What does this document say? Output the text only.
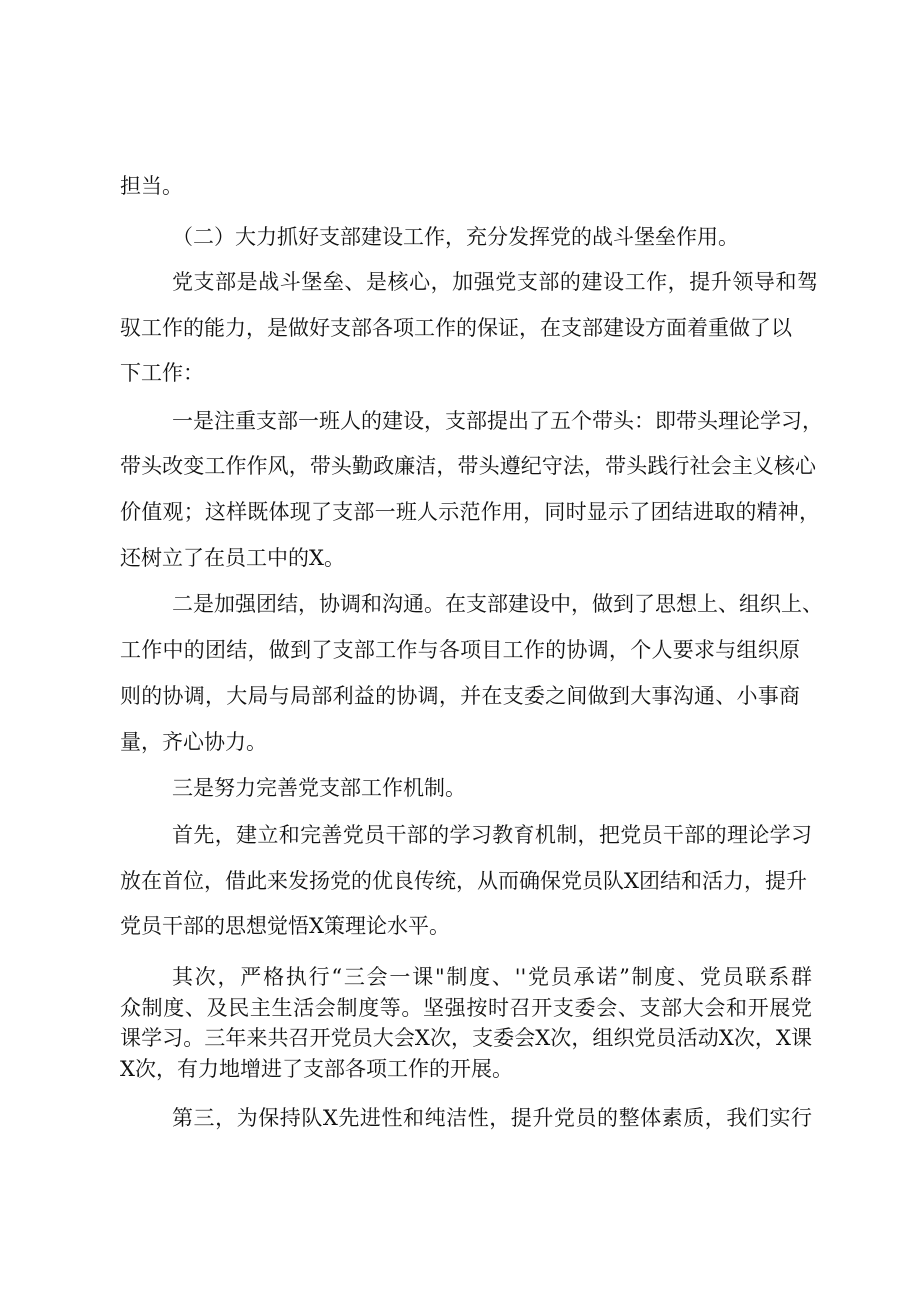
担当。
（二）大力抓好支部建设工作，充分发挥党的战斗堡垒作用。
党支部是战斗堡垒、是核心，加强党支部的建设工作，提升领导和驾
驭工作的能力，是做好支部各项工作的保证，在支部建设方面着重做了以
下工作：
一是注重支部一班人的建设，支部提出了五个带头：即带头理论学习，
带头改变工作作风，带头勤政廉洁，带头遵纪守法，带头践行社会主义核心
价值观；这样既体现了支部一班人示范作用，同时显示了团结进取的精神，
还树立了在员工中的X。
二是加强团结，协调和沟通。在支部建设中，做到了思想上、组织上、
工作中的团结，做到了支部工作与各项目工作的协调，个人要求与组织原
则的协调，大局与局部利益的协调，并在支委之间做到大事沟通、小事商
量，齐心协力。
三是努力完善党支部工作机制。
首先，建立和完善党员干部的学习教育机制，把党员干部的理论学习
放在首位，借此来发扬党的优良传统，从而确保党员队X团结和活力，提升
党员干部的思想觉悟X策理论水平。
其次，严格执行“三会一课"制度、''党员承诺”制度、党员联系群
众制度、及民主生活会制度等。坚强按时召开支委会、支部大会和开展党
课学习。三年来共召开党员大会X次，支委会X次，组织党员活动X次，X课
X次，有力地增进了支部各项工作的开展。
第三，为保持队X先进性和纯洁性，提升党员的整体素质，我们实行
